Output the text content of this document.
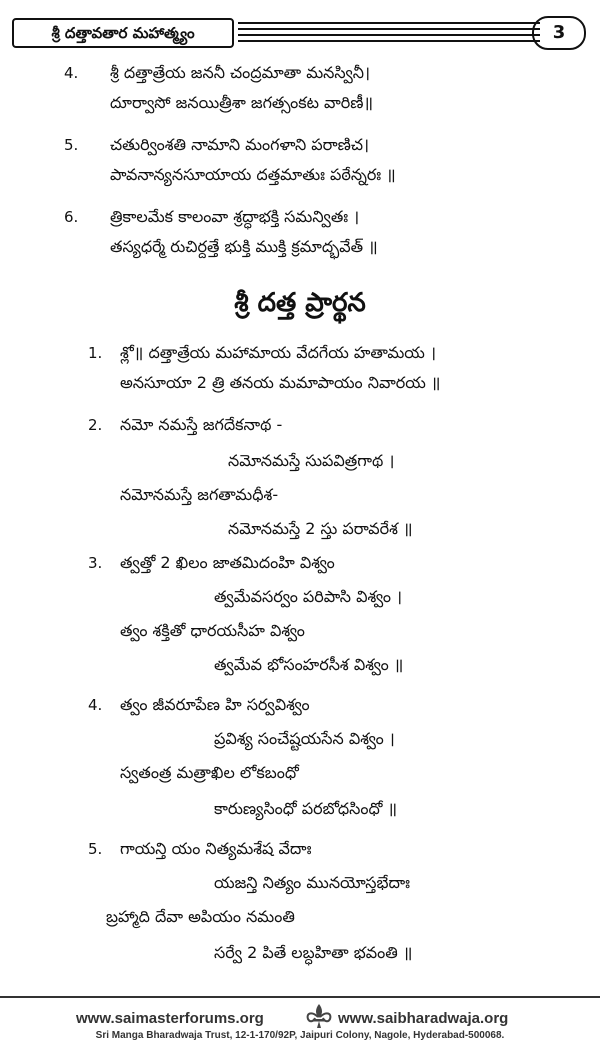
శ్రీ దత్తావతార మహాత్మ్యం	3
4. శ్రీ దత్తాత్రేయ జననీ చంద్రమాతా మనస్వినీ।
దూర్వాసో జనయిత్రీశా జగత్సంకట వారిణీ॥
5. చతుర్వింశతి నామాని మంగళాని పరాణిచ।
పావనాన్యనసూయాయ దత్తమాతుః పఠేన్నరః ॥
6. త్రికాలమేక కాలంవా శ్రద్ధాభక్తి సమన్వితః ।
తస్యధర్మే రుచిర్దత్తే భుక్తి ముక్తి క్రమాద్భవేత్ ॥
శ్రీ దత్త ప్రార్థన
1. శ్లో॥ దత్తాత్రేయ మహామాయ వేదగేయ హతామయ ।
అనసూయా 2 త్రి తనయ మమాపాయం నివారయ ॥
2. నమో నమస్తే జగదేకనాథ -
నమోనమస్తే సుపవిత్రగాథ ।
నమోనమస్తే జగతామధీశ-
నమోనమస్తే 2 స్తు పరావరేశ ॥
3. త్వత్తో 2 ఖిలం జాతమిదంహి విశ్వం
త్వమేవసర్వం పరిపాసి విశ్వం ।
త్వం శక్తితో ధారయసీహ విశ్వం
త్వమేవ భోసంహరసీశ విశ్వం ॥
4. త్వం జీవరూపేణ హి సర్వవిశ్వం
ప్రవిశ్య సంచేష్టయసేన విశ్వం ।
స్వతంత్ర మత్రాఖిల లోకబంధో
కారుణ్యసింధో పరబోధసింధో ॥
5. గాయన్తి యం నిత్యమశేష వేదాః
యజన్తి నిత్యం మునయోస్తభేదాః
బ్రహ్మాది దేవా అపియం నమంతి
సర్వే 2 పితే లబ్ధహితా భవంతి ॥
www.saimasterforums.org	www.saibharadwaja.org
Sri Manga Bharadwaja Trust, 12-1-170/92P, Jaipuri Colony, Nagole, Hyderabad-500068.
